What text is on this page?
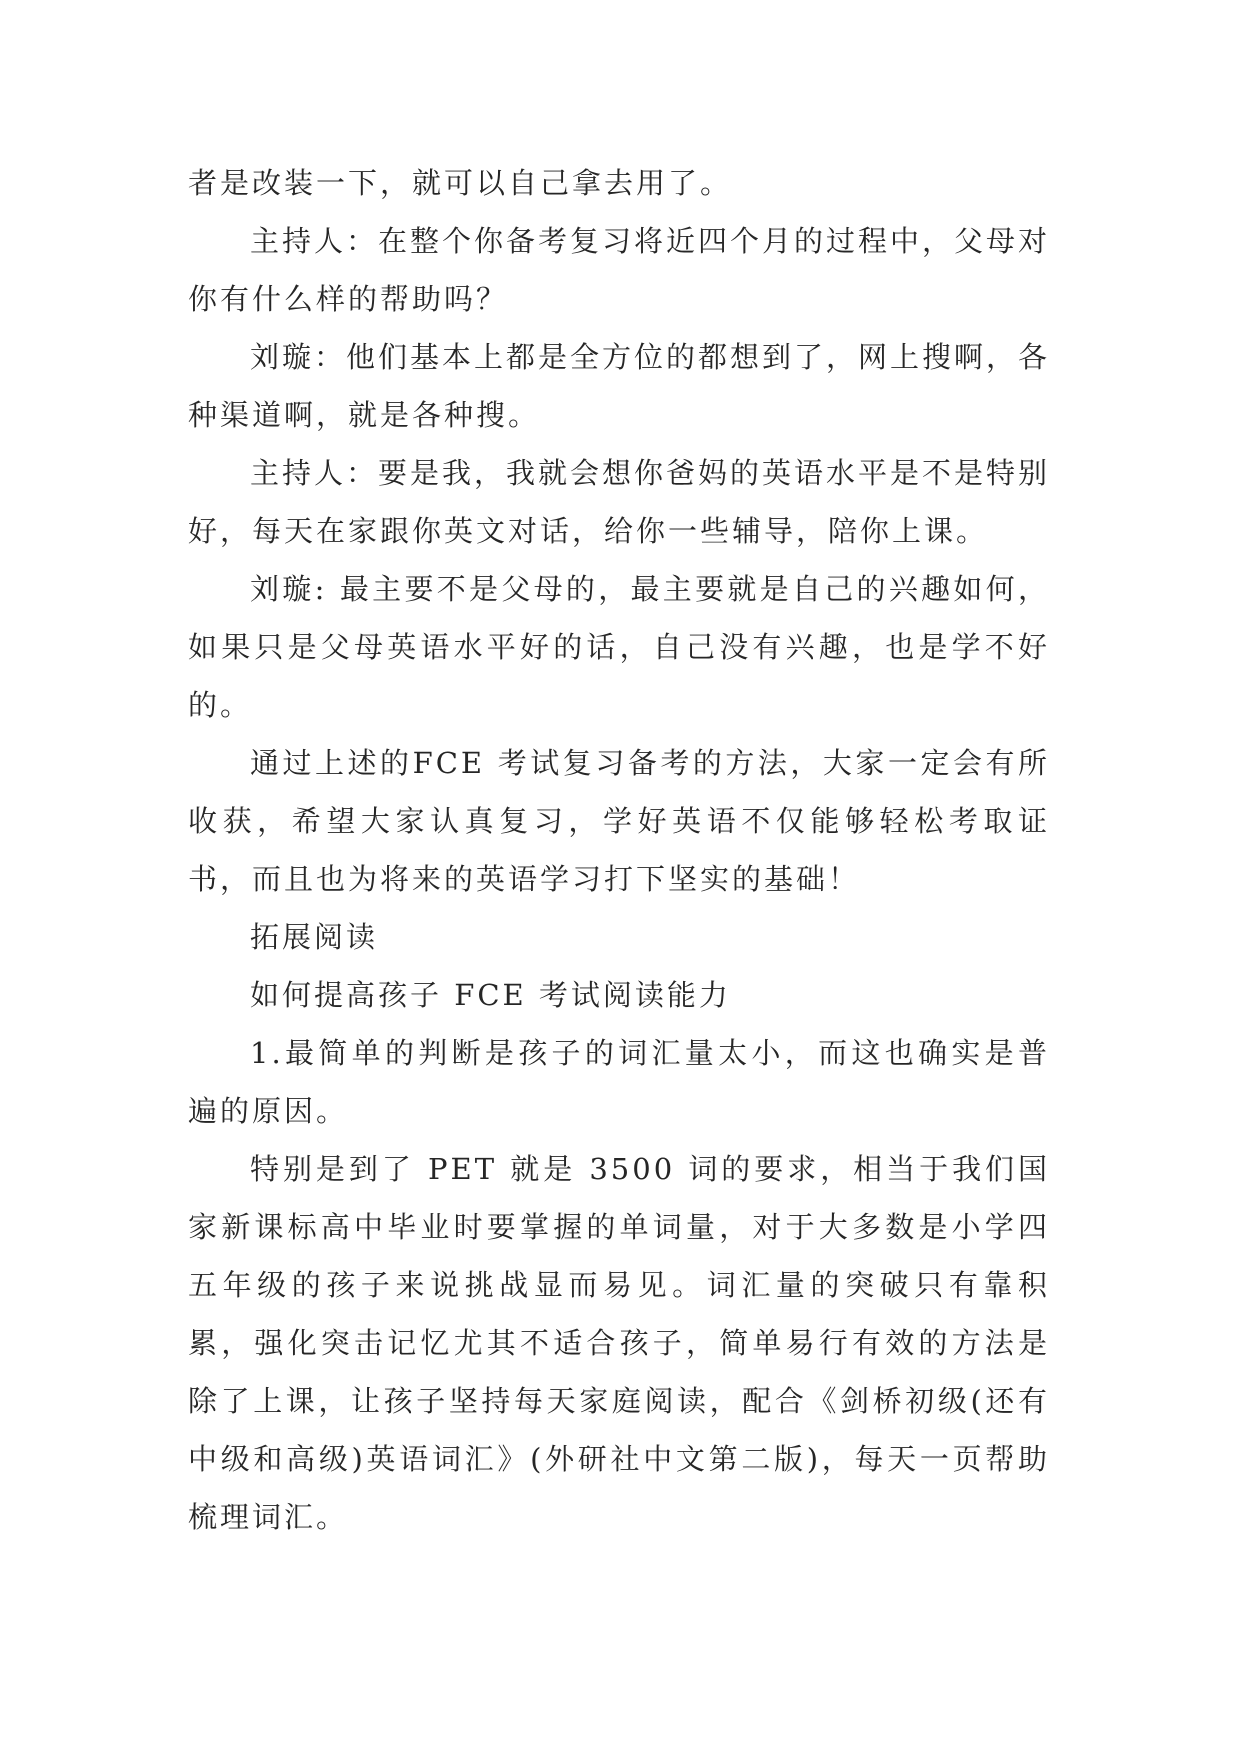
者是改装一下，就可以自己拿去用了。

主持人：在整个你备考复习将近四个月的过程中，父母对你有什么样的帮助吗？

刘璇：他们基本上都是全方位的都想到了，网上搜啊，各种渠道啊，就是各种搜。

主持人：要是我，我就会想你爸妈的英语水平是不是特别好，每天在家跟你英文对话，给你一些辅导，陪你上课。

刘璇: 最主要不是父母的，最主要就是自己的兴趣如何，如果只是父母英语水平好的话，自己没有兴趣，也是学不好的。

通过上述的FCE 考试复习备考的方法，大家一定会有所收获，希望大家认真复习，学好英语不仅能够轻松考取证书，而且也为将来的英语学习打下坚实的基础！

拓展阅读

如何提高孩子 FCE 考试阅读能力

1.最简单的判断是孩子的词汇量太小，而这也确实是普遍的原因。

特别是到了 PET 就是 3500 词的要求，相当于我们国家新课标高中毕业时要掌握的单词量，对于大多数是小学四五年级的孩子来说挑战显而易见。词汇量的突破只有靠积累，强化突击记忆尤其不适合孩子，简单易行有效的方法是除了上课，让孩子坚持每天家庭阅读，配合《剑桥初级(还有中级和高级)英语词汇》(外研社中文第二版)，每天一页帮助梳理词汇。
